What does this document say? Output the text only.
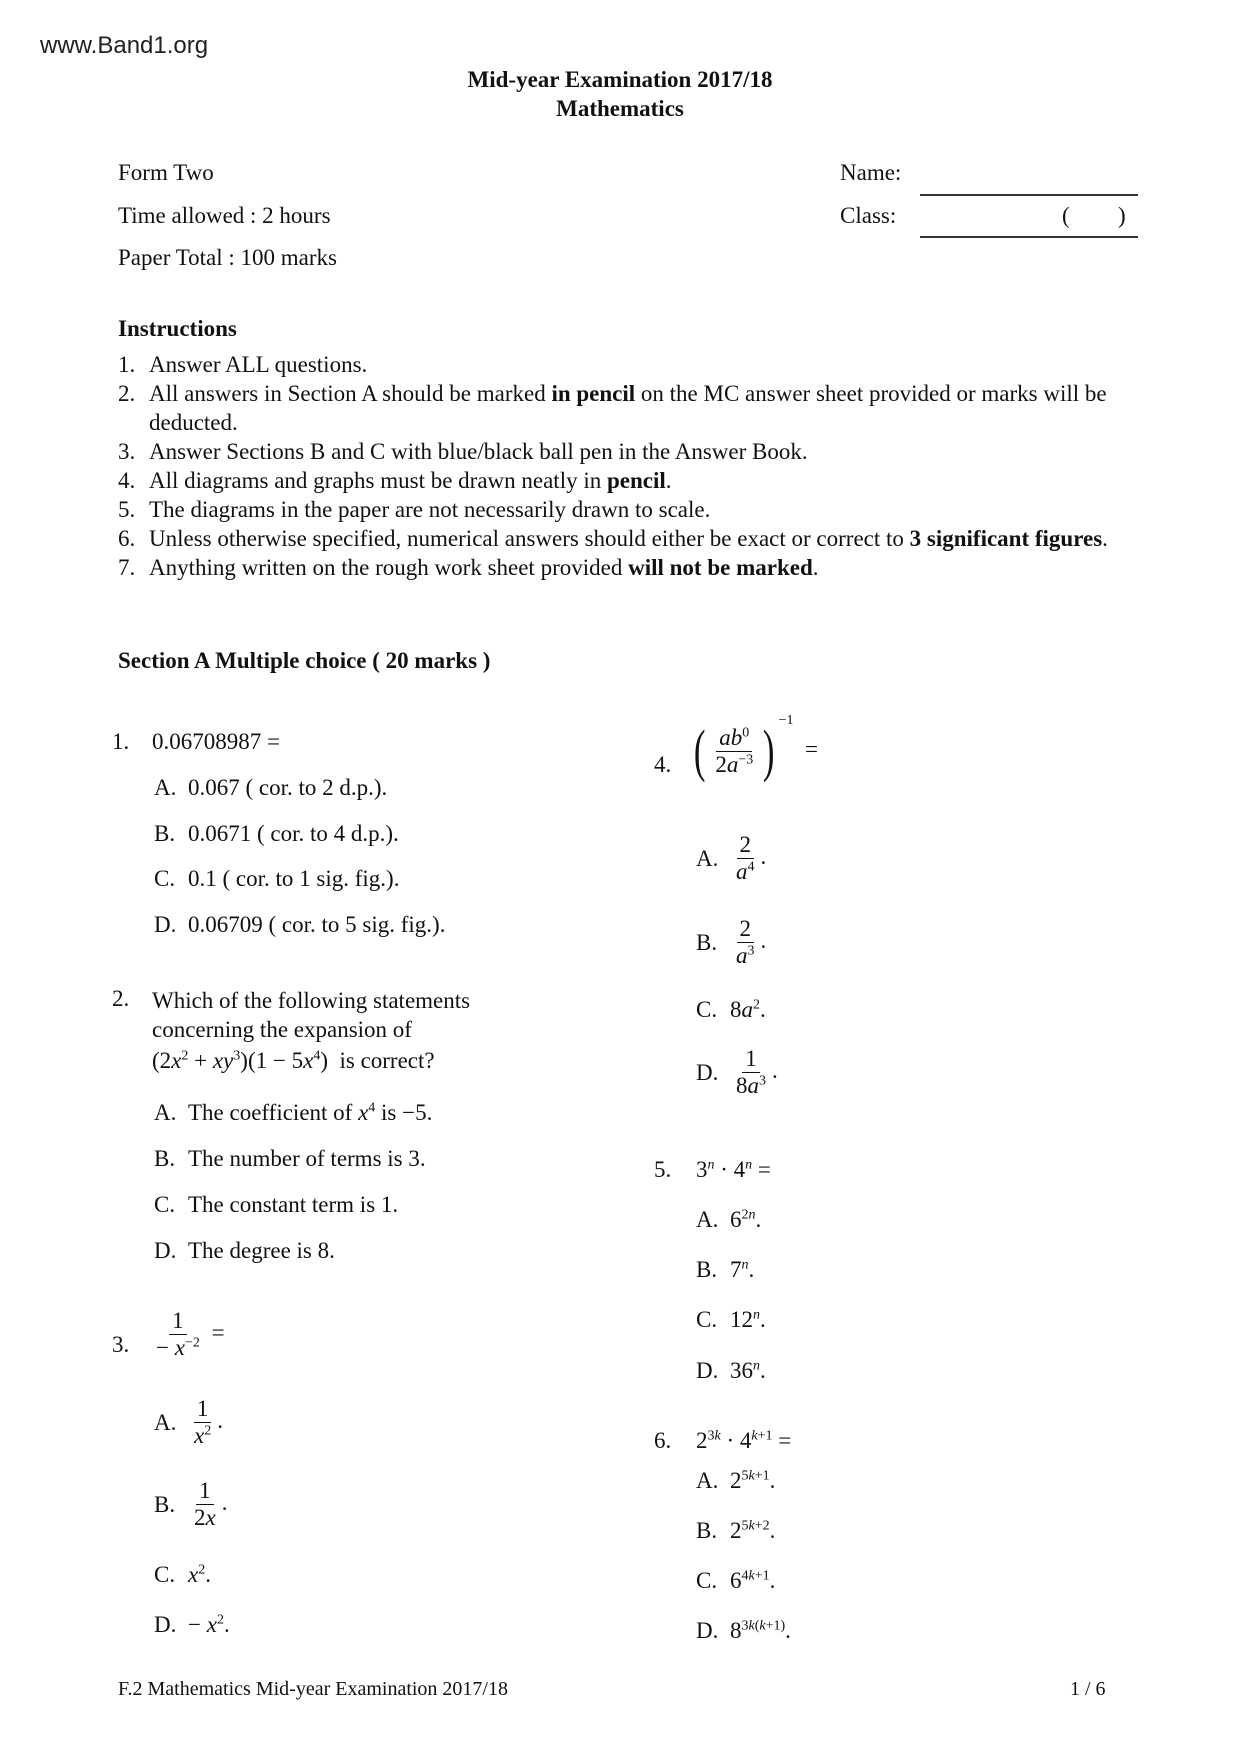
www.Band1.org
Mid-year Examination 2017/18
Mathematics
Form Two
Time allowed : 2 hours
Paper Total : 100 marks
Name:
Class:	( )
Instructions
1. Answer ALL questions.
2. All answers in Section A should be marked in pencil on the MC answer sheet provided or marks will be deducted.
3. Answer Sections B and C with blue/black ball pen in the Answer Book.
4. All diagrams and graphs must be drawn neatly in pencil.
5. The diagrams in the paper are not necessarily drawn to scale.
6. Unless otherwise specified, numerical answers should either be exact or correct to 3 significant figures.
7. Anything written on the rough work sheet provided will not be marked.
Section A Multiple choice ( 20 marks )
1. 0.06708987 =
A. 0.067 ( cor. to 2 d.p.).
B. 0.0671 ( cor. to 4 d.p.).
C. 0.1 ( cor. to 1 sig. fig.).
D. 0.06709 ( cor. to 5 sig. fig.).
2. Which of the following statements
concerning the expansion of
$(2x^2 + xy^3)(1 - 5x^4)$  is correct?
A. The coefficient of $x^4$ is −5.
B. The number of terms is 3.
C. The constant term is 1.
D. The degree is 8.
3. $\frac{1}{- x^{-2}}$ =
A. $\frac{1}{x^2}$ .
B. $\frac{1}{2x}$ .
C. $x^2$.
D. − $x^2$.
4. ( $\frac{ab^0}{2a^{-3}}$ ) $^{-1}$  =
A. $\frac{2}{a^4}$ .
B. $\frac{2}{a^3}$ .
C. $8a^2$.
D. $\frac{1}{8a^3}$ .
5. $3^n \cdot 4^n$ =
A. $6^{2n}$.
B. 7$^n$.
C. 12$^n$.
D. 36$^n$.
6. $2^{3k} \cdot 4^{k+1}$ =
A. $2^{5k+1}$.
B. $2^{5k+2}$.
C. $6^{4k+1}$.
D. $8^{3k(k+1)}$.
F.2 Mathematics Mid-year Examination 2017/18	1 / 6
